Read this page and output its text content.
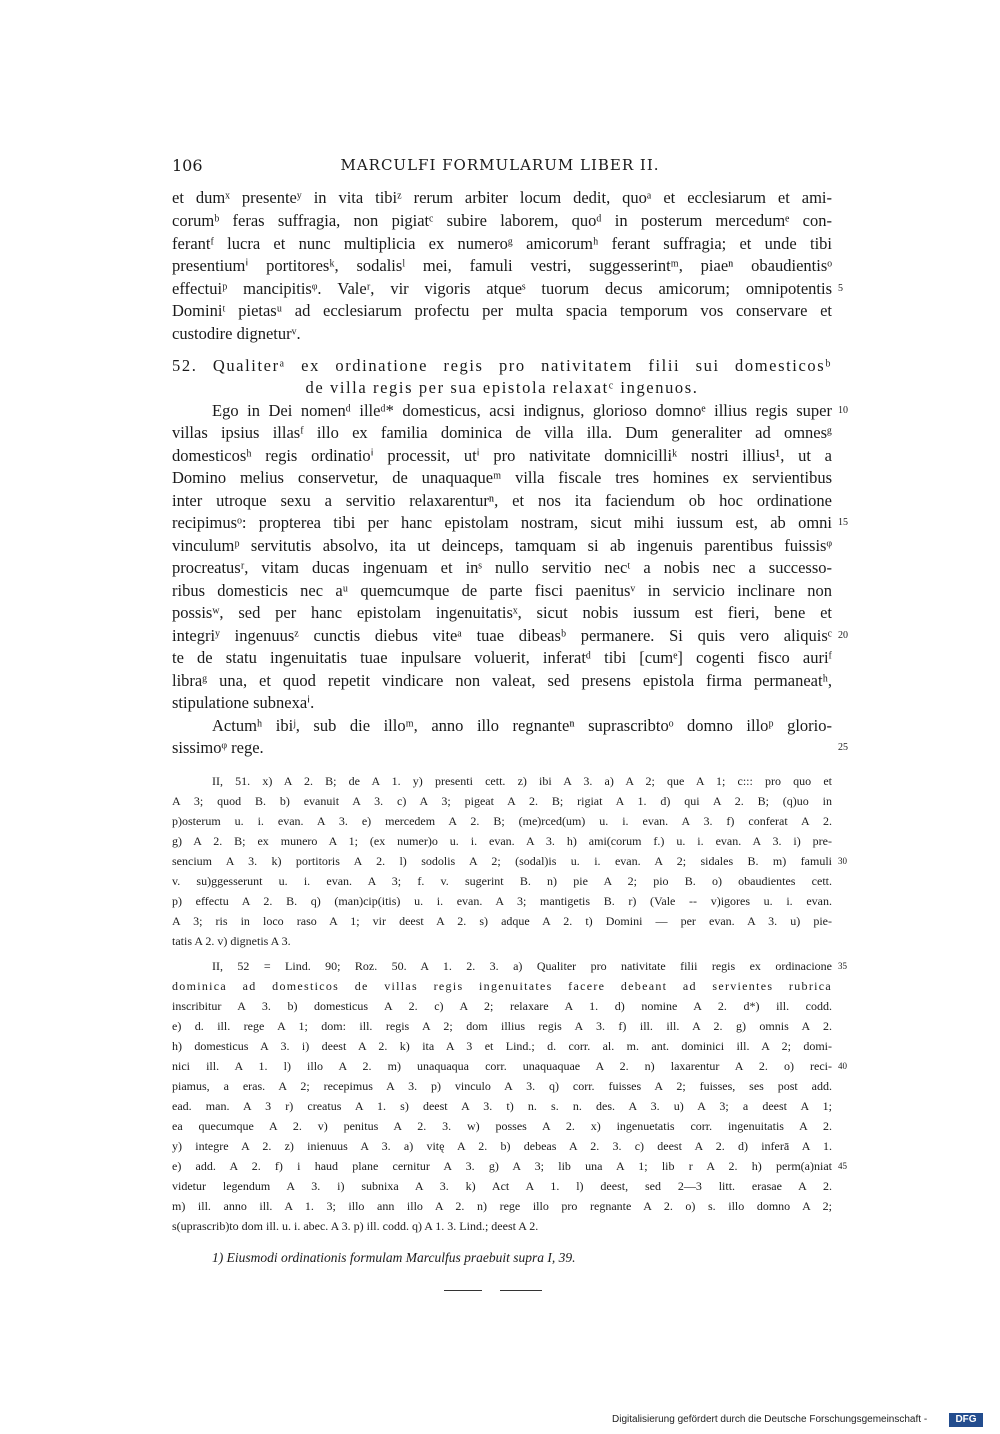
106	MARCULFI FORMULARUM LIBER II.
et dumˣ presenteʸ in vita tibiᶻ rerum arbiter locum dedit, quoᵃ et ecclesiarum et ami-
corumᵇ feras suffragia, non pigiatᶜ subire laborem, quoᵈ in posterum mercedumᵉ con-
ferantᶠ lucra et nunc multiplicia ex numeroᵍ amicorumʰ ferant suffragia; et unde tibi
presentiumⁱ portitoresᵏ, sodalisˡ mei, famuli vestri, suggesserintᵐ, piaeⁿ obaudientisᵒ
effectuiᵖ mancipitisᵠ. Valeʳ, vir vigoris atqueˢ tuorum decus amicorum; omnipotentis 5
Dominiᵗ pietasᵘ ad ecclesiarum profectu per multa spacia temporum vos conservare et
custodire digneturᵛ.
52. Qualiterᵃ ex ordinatione regis pro nativitatem filii sui domesticosᵇ
de villa regis per sua epistola relaxatᶜ ingenuos.
Ego in Dei nomenᵈ illeᵈ* domesticus, acsi indignus, glorioso domnoᵉ illius regis super 10
villas ipsius illasᶠ illo ex familia dominica de villa illa. Dum generaliter ad omnesᵍ
domesticosʰ regis ordinatioⁱ processit, utⁱ pro nativitate domnicilliᵏ nostri illius¹, ut a
Domino melius conservetur, de unaquaqueᵐ villa fiscale tres homines ex servientibus
inter utroque sexu a servitio relaxarenturⁿ, et nos ita faciendum ob hoc ordinatione
recipimusᵒ: propterea tibi per hanc epistolam nostram, sicut mihi iussum est, ab omni 15
vinculumᵖ servitutis absolvo, ita ut deinceps, tamquam si ab ingenuis parentibus fuissisᵠ
procreatusʳ, vitam ducas ingenuam et inˢ nullo servitio necᵗ a nobis nec a successo-
ribus domesticis nec aᵘ quemcumque de parte fisci paenitusᵛ in servicio inclinare non
possisʷ, sed per hanc epistolam ingenuitatisˣ, sicut nobis iussum est fieri, bene et
integriʸ ingenuusᶻ cunctis diebus viteᵃ tuae dibeasᵇ permanere. Si quis vero aliquisᶜ 20
te de statu ingenuitatis tuae inpulsare voluerit, inferatᵈ tibi [cumᵉ] cogenti fisco auriᶠ
libraᵍ una, et quod repetit vindicare non valeat, sed presens epistola firma permaneatʰ,
stipulatione subnexaⁱ.
Actumʰ ibiʲ, sub die illoᵐ, anno illo regnanteⁿ suprascribtoᵒ domno illoᵖ glorio-
sissimoᵠ rege.	25
II, 51. x) A 2. B; de A 1. y) presenti cett. z) ibi A 3. a) A 2; que A 1; c::: pro quo et
A 3; quod B. b) evanuit A 3. c) A 3; pigeat A 2. B; rigiat A 1. d) qui A 2. B; (q)uo in
p)osterum u. i. evan. A 3. e) mercedem A 2. B; (me)rced(um) u. i. evan. A 3. f) conferat A 2.
g) A 2. B; ex munero A 1; (ex numer)o u. i. evan. A 3. h) ami(corum f.) u. i. evan. A 3. i) pre-
sencium A 3. k) portitoris A 2. l) sodolis A 2; (sodal)is u. i. evan. A 2; sidales B. m) famuli 30
v. su)ggesserunt u. i. evan. A 3; f. v. sugerint B. n) pie A 2; pio B. o) obaudientes cett.
p) effectu A 2. B. q) (man)cip(itis) u. i. evan. A 3; mantigetis B. r) (Vale -- v)igores u. i. evan.
A 3; ris in loco raso A 1; vir deest A 2. s) adque A 2. t) Domini — per evan. A 3. u) pie-
tatis A 2. v) dignetis A 3.
II, 52 = Lind. 90; Roz. 50. A 1. 2. 3. a) Qualiter pro nativitate filii regis ex ordinacione 35
dominica ad domesticos de villas regis ingenuitates facere debeant ad servientes rubrica
inscribitur A 3. b) domesticus A 2. c) A 2; relaxare A 1. d) nomine A 2. d*) ill. codd.
e) d. ill. rege A 1; dom: ill. regis A 2; dom illius regis A 3. f) ill. ill. A 2. g) omnis A 2.
h) domesticus A 3. i) deest A 2. k) ita A 3 et Lind.; d. corr. al. m. ant. dominici ill. A 2; domi-
nici ill. A 1. l) illo A 2. m) unaquaqua corr. unaquaquae A 2. n) laxarentur A 2. o) reci- 40
piamus, a eras. A 2; recepimus A 3. p) vinculo A 3. q) corr. fuisses A 2; fuisses, ses post add.
ead. man. A 3 r) creatus A 1. s) deest A 3. t) n. s. n. des. A 3. u) A 3; a deest A 1;
ea quecumque A 2. v) penitus A 2. 3. w) posses A 2. x) ingenuetatis corr. ingenuitatis A 2.
y) integre A 2. z) inienuus A 3. a) vitę A 2. b) debeas A 2. 3. c) deest A 2. d) inferā A 1.
e) add. A 2. f) i haud plane cernitur A 3. g) A 3; lib una A 1; lib r A 2. h) perm(a)niat 45
videtur legendum A 3. i) subnixa A 3. k) Act A 1. l) deest, sed 2—3 litt. erasae A 2.
1) Eiusmodi ordinationis formulam Marculfus praebuit supra I, 39.
Digitalisierung gefördert durch die Deutsche Forschungsgemeinschaft -	DFG
m) ill. anno ill. A 1. 3; illo ann illo A 2. n) rege illo pro regnante A 2. o) s. illo domno A 2;
s(uprascrib)to dom ill. u. i. abec. A 3. p) ill. codd. q) A 1. 3. Lind.; deest A 2.
